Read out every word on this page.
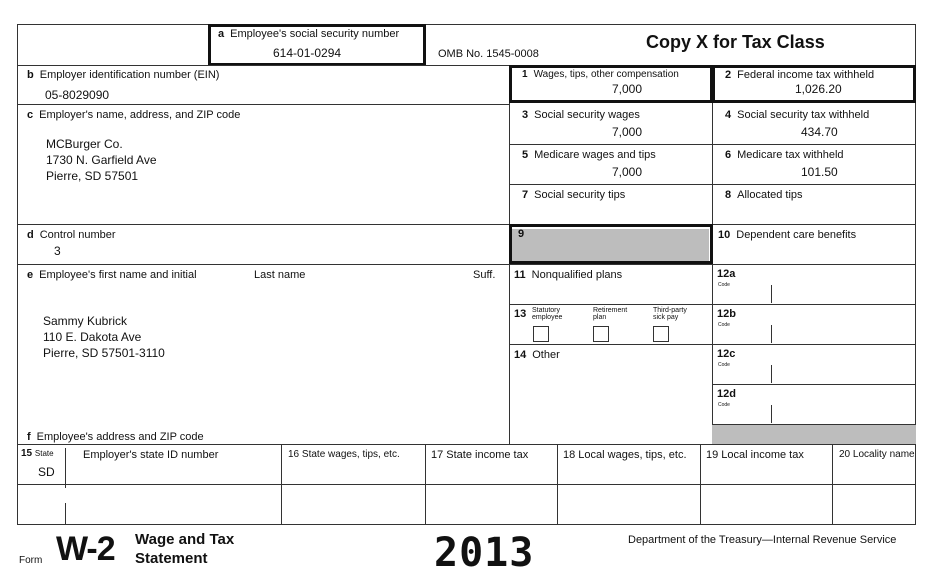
a Employee's social security number
614-01-0294	OMB No. 1545-0008
Copy X for Tax Class
b Employer identification number (EIN)
05-8029090
1 Wages, tips, other compensation
7,000
2 Federal income tax withheld
1,026.20
c Employer's name, address, and ZIP code
MCBurger Co.
1730 N. Garfield Ave
Pierre, SD 57501
3 Social security wages
7,000
4 Social security tax withheld
434.70
5 Medicare wages and tips
7,000
6 Medicare tax withheld
101.50
7 Social security tips	8 Allocated tips
d Control number
3
9	10 Dependent care benefits
e Employee's first name and initial	Last name	Suff.
Sammy Kubrick
110 E. Dakota Ave
Pierre, SD 57501-3110
f Employee's address and ZIP code
11 Nonqualified plans
13 Statutory employee
Retirement plan
Third-party sick pay
14 Other
12a
12b
12c
12d
Code
Code
Code
Code
15 State	Employer's state ID number
SD
16 State wages, tips, etc.	17 State income tax	18 Local wages, tips, etc. 19 Local income tax	20 Locality name
Form W-2 Wage and Tax
Statement	2013	Department of the Treasury—Internal Revenue Service
